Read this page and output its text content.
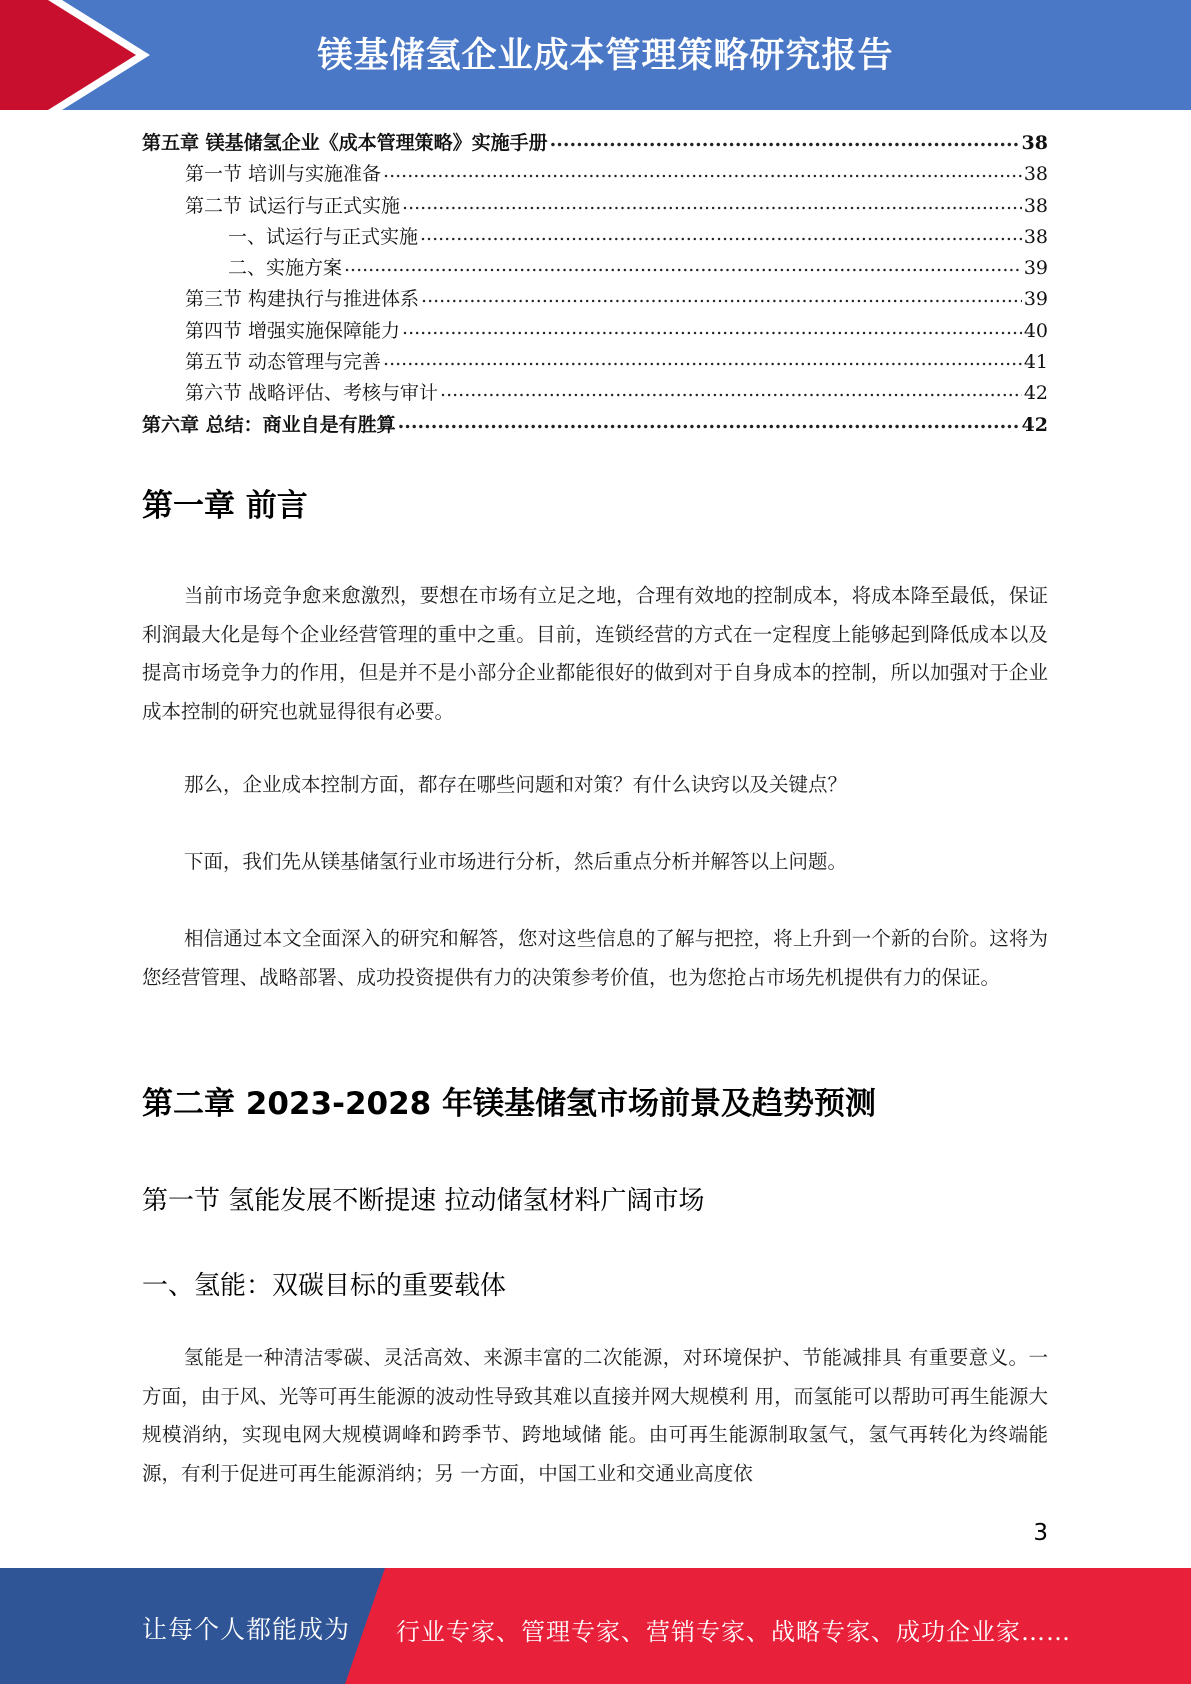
镁基储氢企业成本管理策略研究报告
第五章 镁基储氢企业《成本管理策略》实施手册 .....	38
第一节 培训与实施准备 .....	38
第二节 试运行与正式实施 .....	38
一、试运行与正式实施 .....	38
二、实施方案 .....	39
第三节 构建执行与推进体系 .....	39
第四节 增强实施保障能力 .....	40
第五节 动态管理与完善 .....	41
第六节 战略评估、考核与审计 .....	42
第六章 总结：商业自是有胜算 .....	42
第一章 前言

当前市场竞争愈来愈激烈，要想在市场有立足之地，合理有效地的控制成本，将成本降至最低，保证利润最大化是每个企业经营管理的重中之重。目前，连锁经营的方式在一定程度上能够起到降低成本以及提高市场竞争力的作用，但是并不是小部分企业都能很好的做到对于自身成本的控制，所以加强对于企业成本控制的研究也就显得很有必要。

那么，企业成本控制方面，都存在哪些问题和对策？有什么诀窍以及关键点？

下面，我们先从镁基储氢行业市场进行分析，然后重点分析并解答以上问题。

相信通过本文全面深入的研究和解答，您对这些信息的了解与把控，将上升到一个新的台阶。这将为您经营管理、战略部署、成功投资提供有力的决策参考价值，也为您抢占市场先机提供有力的保证。

第二章 2023-2028 年镁基储氢市场前景及趋势预测
第一节 氢能发展不断提速 拉动储氢材料广阔市场
一、氢能：双碳目标的重要载体

氢能是一种清洁零碳、灵活高效、来源丰富的二次能源，对环境保护、节能减排具 有重要意义。一方面，由于风、光等可再生能源的波动性导致其难以直接并网大规模利 用，而氢能可以帮助可再生能源大规模消纳，实现电网大规模调峰和跨季节、跨地域储 能。由可再生能源制取氢气，氢气再转化为终端能源，有利于促进可再生能源消纳；另 一方面，中国工业和交通业高度依

3
让每个人都能成为 行业专家、管理专家、营销专家、战略专家、成功企业家……
